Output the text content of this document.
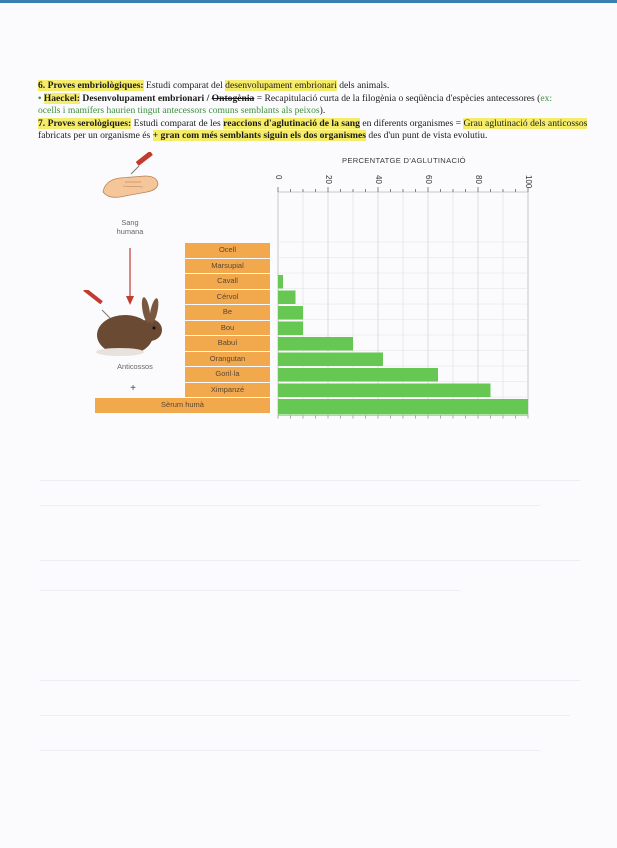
6. Proves embriològiques: Estudi comparat del desenvolupament embrionari dels animals.

• Haeckel: Desenvolupament embrionari / Ontogènia = Recapitulació curta de la filogènia o seqüència d'espècies antecessores (ex:
ocells i mamífers haurien tingut antecessors comuns semblants als peixos).

7. Proves serològiques: Estudi comparat de les reaccions d'aglutinació de la sang en diferents organismes = Grau aglutinació dels anticossos fabricats per un organisme és + gran com més semblants siguin els dos organismes des d'un punt de vista evolutiu.

Sang humana
Anticossos
+
PERCENTATGE D'AGLUTINACIÓ
0	20	40	60	80	100
Ocell
Marsupial
Cavall
Cérvol
Be
Bou
Babuí
Orangutan
Goril·la
Ximpanzé
Sèrum humà
